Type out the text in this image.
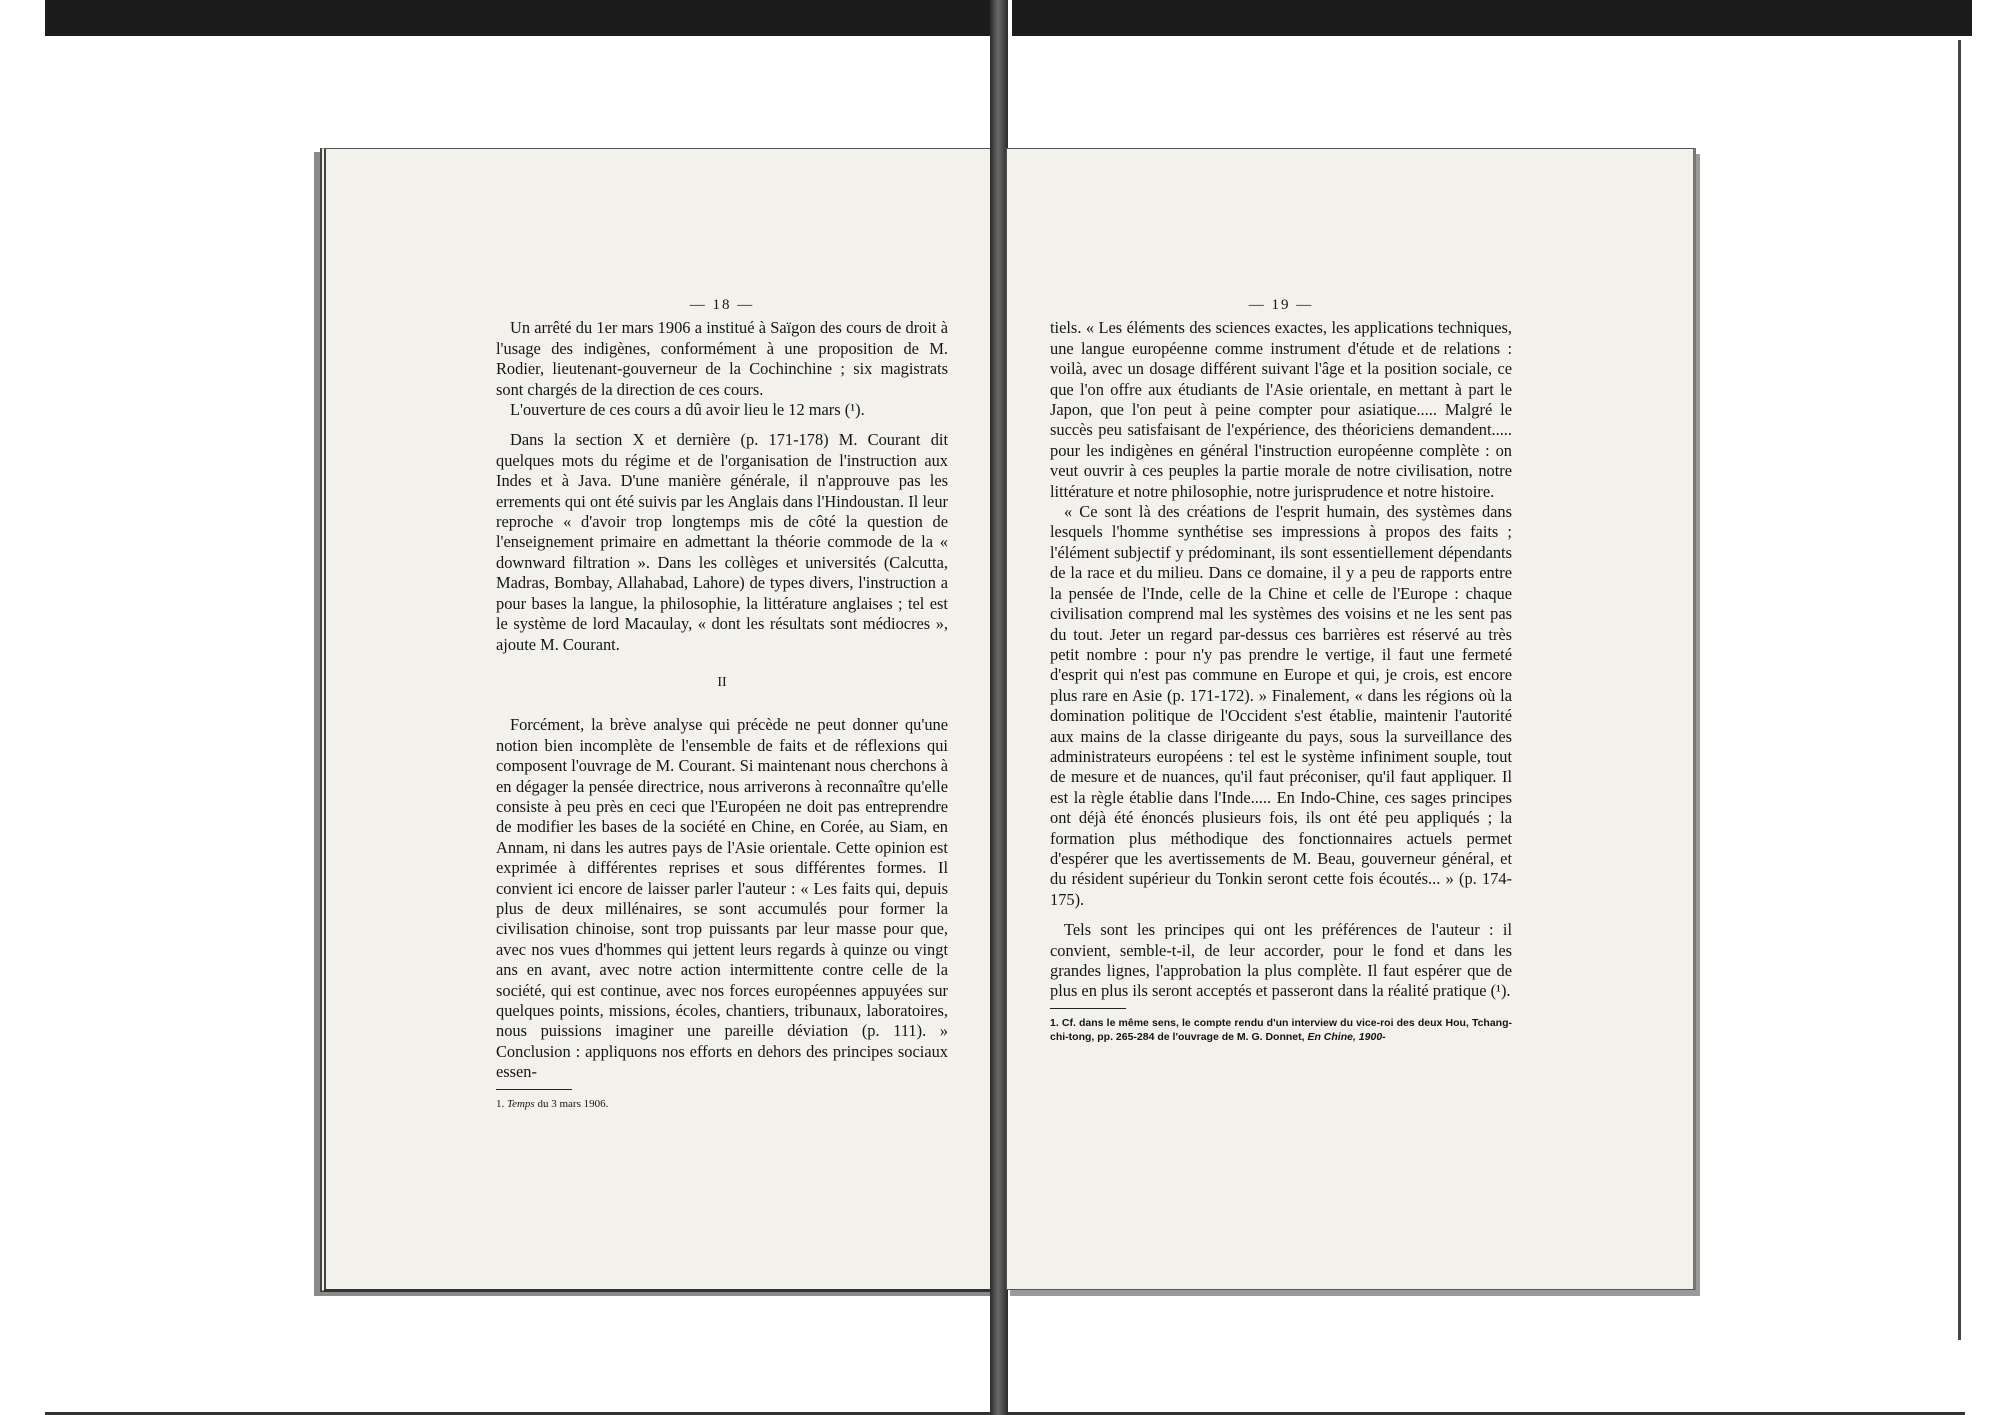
— 18 —

Un arrêté du 1er mars 1906 a institué à Saïgon des cours de droit à l'usage des indigènes, conformément à une proposition de M. Rodier, lieutenant-gouverneur de la Cochinchine ; six magistrats sont chargés de la direction de ces cours.

L'ouverture de ces cours a dû avoir lieu le 12 mars (¹).

Dans la section X et dernière (p. 171-178) M. Courant dit quelques mots du régime et de l'organisation de l'instruction aux Indes et à Java. D'une manière générale, il n'approuve pas les errements qui ont été suivis par les Anglais dans l'Hindoustan. Il leur reproche « d'avoir trop longtemps mis de côté la question de l'enseignement primaire en admettant la théorie commode de la « downward filtration ». Dans les collèges et universités (Calcutta, Madras, Bombay, Allahabad, Lahore) de types divers, l'instruction a pour bases la langue, la philosophie, la littérature anglaises ; tel est le système de lord Macaulay, « dont les résultats sont médiocres », ajoute M. Courant.

II

Forcément, la brève analyse qui précède ne peut donner qu'une notion bien incomplète de l'ensemble de faits et de réflexions qui composent l'ouvrage de M. Courant. Si maintenant nous cherchons à en dégager la pensée directrice, nous arriverons à reconnaître qu'elle consiste à peu près en ceci que l'Européen ne doit pas entreprendre de modifier les bases de la société en Chine, en Corée, au Siam, en Annam, ni dans les autres pays de l'Asie orientale. Cette opinion est exprimée à différentes reprises et sous différentes formes. Il convient ici encore de laisser parler l'auteur : « Les faits qui, depuis plus de deux millénaires, se sont accumulés pour former la civilisation chinoise, sont trop puissants par leur masse pour que, avec nos vues d'hommes qui jettent leurs regards à quinze ou vingt ans en avant, avec notre action intermittente contre celle de la société, qui est continue, avec nos forces européennes appuyées sur quelques points, missions, écoles, chantiers, tribunaux, laboratoires, nous puissions imaginer une pareille déviation (p. 111). » Conclusion : appliquons nos efforts en dehors des principes sociaux essen-

1. Temps du 3 mars 1906.
— 19 —

tiels. « Les éléments des sciences exactes, les applications techniques, une langue européenne comme instrument d'étude et de relations : voilà, avec un dosage différent suivant l'âge et la position sociale, ce que l'on offre aux étudiants de l'Asie orientale, en mettant à part le Japon, que l'on peut à peine compter pour asiatique..... Malgré le succès peu satisfaisant de l'expérience, des théoriciens demandent..... pour les indigènes en général l'instruction européenne complète : on veut ouvrir à ces peuples la partie morale de notre civilisation, notre littérature et notre philosophie, notre jurisprudence et notre histoire.

« Ce sont là des créations de l'esprit humain, des systèmes dans lesquels l'homme synthétise ses impressions à propos des faits ; l'élément subjectif y prédominant, ils sont essentiellement dépendants de la race et du milieu. Dans ce domaine, il y a peu de rapports entre la pensée de l'Inde, celle de la Chine et celle de l'Europe : chaque civilisation comprend mal les systèmes des voisins et ne les sent pas du tout. Jeter un regard par-dessus ces barrières est réservé au très petit nombre : pour n'y pas prendre le vertige, il faut une fermeté d'esprit qui n'est pas commune en Europe et qui, je crois, est encore plus rare en Asie (p. 171-172). » Finalement, « dans les régions où la domination politique de l'Occident s'est établie, maintenir l'autorité aux mains de la classe dirigeante du pays, sous la surveillance des administrateurs européens : tel est le système infiniment souple, tout de mesure et de nuances, qu'il faut préconiser, qu'il faut appliquer. Il est la règle établie dans l'Inde..... En Indo-Chine, ces sages principes ont déjà été énoncés plusieurs fois, ils ont été peu appliqués ; la formation plus méthodique des fonctionnaires actuels permet d'espérer que les avertissements de M. Beau, gouverneur général, et du résident supérieur du Tonkin seront cette fois écoutés... » (p. 174-175).

Tels sont les principes qui ont les préférences de l'auteur : il convient, semble-t-il, de leur accorder, pour le fond et dans les grandes lignes, l'approbation la plus complète. Il faut espérer que de plus en plus ils seront acceptés et passeront dans la réalité pratique (¹).

1. Cf. dans le même sens, le compte rendu d'un interview du vice-roi des deux Hou, Tchang-chi-tong, pp. 265-284 de l'ouvrage de M. G. Donnet, En Chine, 1900-
